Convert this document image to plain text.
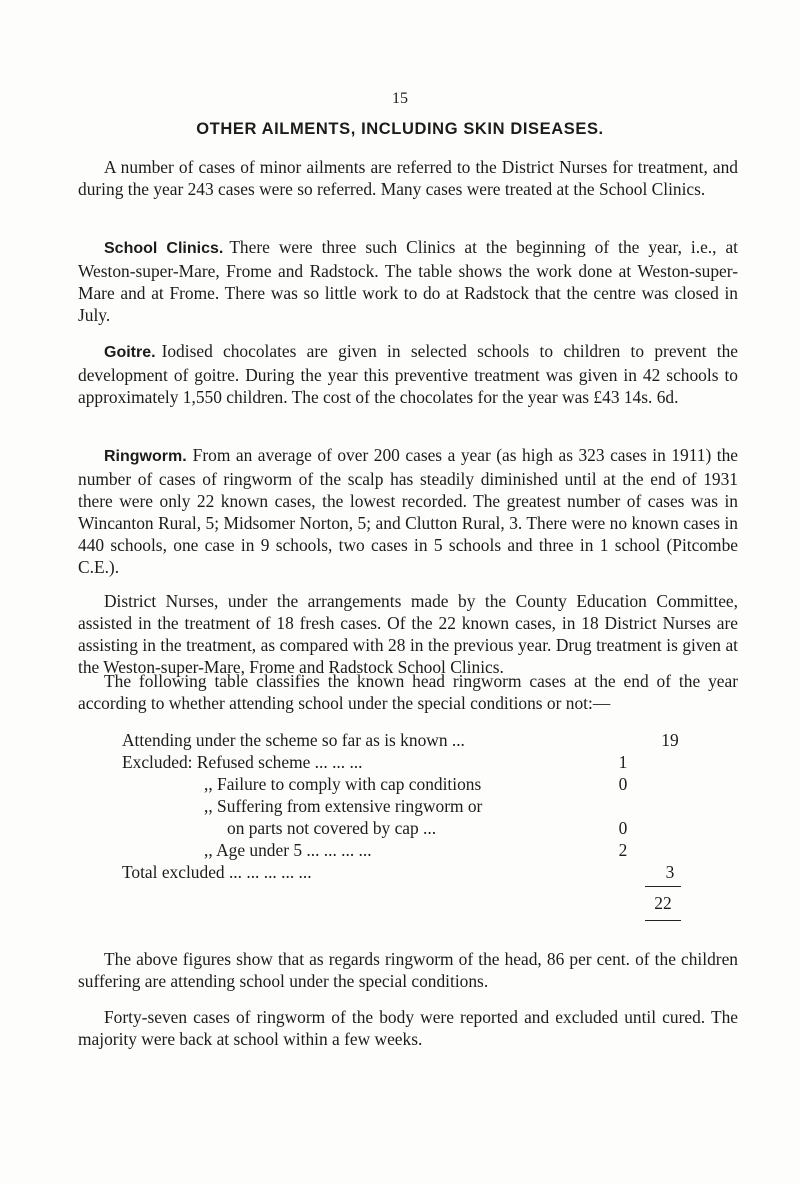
15
OTHER AILMENTS, INCLUDING SKIN DISEASES.

A number of cases of minor ailments are referred to the District Nurses for treatment, and during the year 243 cases were so referred. Many cases were treated at the School Clinics.

School Clinics. There were three such Clinics at the beginning of the year, i.e., at Weston-super-Mare, Frome and Radstock. The table shows the work done at Weston-super-Mare and at Frome. There was so little work to do at Radstock that the centre was closed in July.

Goitre. Iodised chocolates are given in selected schools to children to prevent the development of goitre. During the year this preventive treatment was given in 42 schools to approximately 1,550 children. The cost of the chocolates for the year was £43 14s. 6d.

Ringworm. From an average of over 200 cases a year (as high as 323 cases in 1911) the number of cases of ringworm of the scalp has steadily diminished until at the end of 1931 there were only 22 known cases, the lowest recorded. The greatest number of cases was in Wincanton Rural, 5; Midsomer Norton, 5; and Clutton Rural, 3. There were no known cases in 440 schools, one case in 9 schools, two cases in 5 schools and three in 1 school (Pitcombe C.E.).

District Nurses, under the arrangements made by the County Education Committee, assisted in the treatment of 18 fresh cases. Of the 22 known cases, in 18 District Nurses are assisting in the treatment, as compared with 28 in the previous year. Drug treatment is given at the Weston-super-Mare, Frome and Radstock School Clinics.

The following table classifies the known head ringworm cases at the end of the year according to whether attending school under the special conditions or not:—

Attending under the scheme so far as is known ...	19
Excluded: Refused scheme ... ... ...	1
,, Failure to comply with cap conditions	0
,, Suffering from extensive ringworm or
on parts not covered by cap ...	0
,, Age under 5 ... ... ... ...	2
Total excluded ... ... ... ... ...	3
22

The above figures show that as regards ringworm of the head, 86 per cent. of the children suffering are attending school under the special conditions.

Forty-seven cases of ringworm of the body were reported and excluded until cured. The majority were back at school within a few weeks.
